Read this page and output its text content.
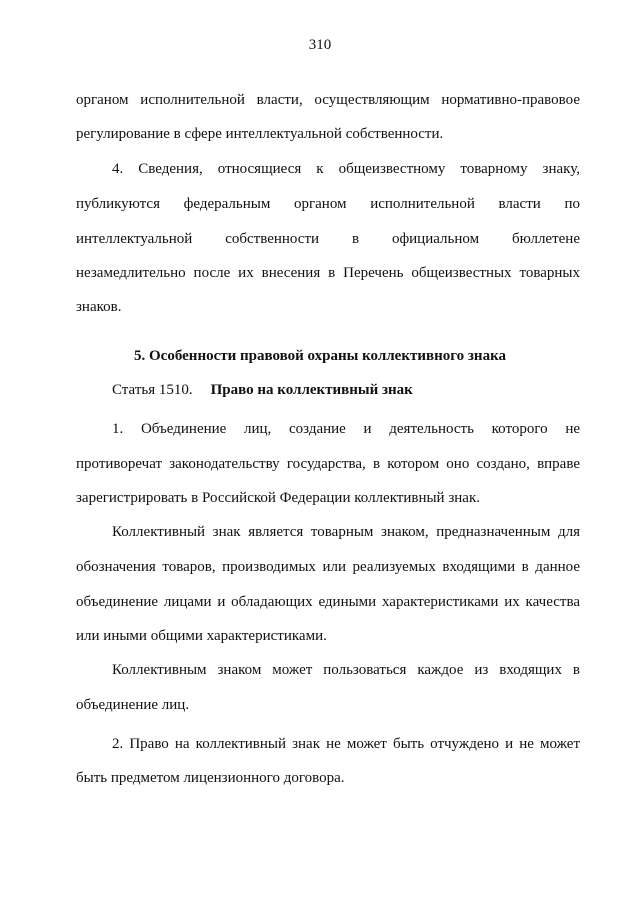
310
органом исполнительной власти, осуществляющим нормативно-правовое
регулирование в сфере интеллектуальной собственности.
4. Сведения, относящиеся к общеизвестному товарному знаку,
публикуются федеральным органом исполнительной власти по
интеллектуальной собственности в официальном бюллетене
незамедлительно после их внесения в Перечень общеизвестных товарных
знаков.
5. Особенности правовой охраны коллективного знака
Статья 1510. Право на коллективный знак
1. Объединение лиц, создание и деятельность которого не
противоречат законодательству государства, в котором оно создано, вправе
зарегистрировать в Российской Федерации коллективный знак.
Коллективный знак является товарным знаком, предназначенным для
обозначения товаров, производимых или реализуемых входящими в данное
объединение лицами и обладающих едиными характеристиками их качества
или иными общими характеристиками.
Коллективным знаком может пользоваться каждое из входящих в
объединение лиц.
2. Право на коллективный знак не может быть отчуждено и не может
быть предметом лицензионного договора.
